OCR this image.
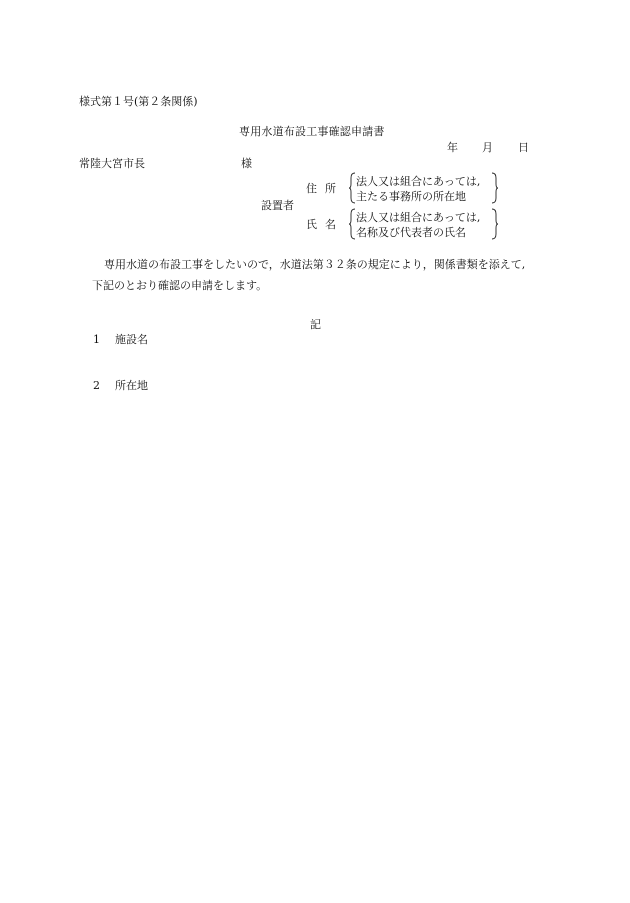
様式第１号(第２条関係)
専用水道布設工事確認申請書
年 月 日
常陸大宮市長	様
設置者
住所
法人又は組合にあっては,
主たる事務所の所在地
氏名
法人又は組合にあっては,
名称及び代表者の氏名
専用水道の布設工事をしたいので，水道法第３２条の規定により，関係書類を添えて,
下記のとおり確認の申請をします。
記
1 施設名
2 所在地
